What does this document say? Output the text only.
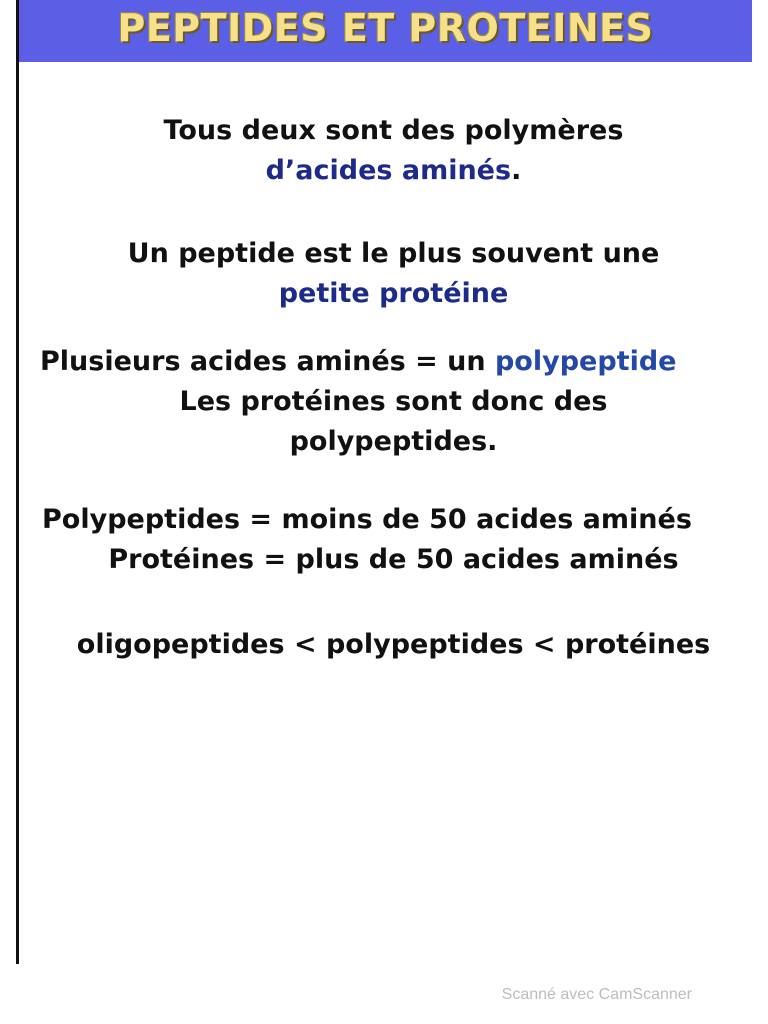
PEPTIDES ET PROTEINES
Tous deux sont des polymères
d’acides aminés.
Un peptide est le plus souvent une
petite protéine
Plusieurs acides aminés = un polypeptide
Les protéines sont donc des
polypeptides.
Polypeptides = moins de 50 acides aminés
Protéines = plus de 50 acides aminés
oligopeptides < polypeptides < protéines
Scanné avec CamScanner
